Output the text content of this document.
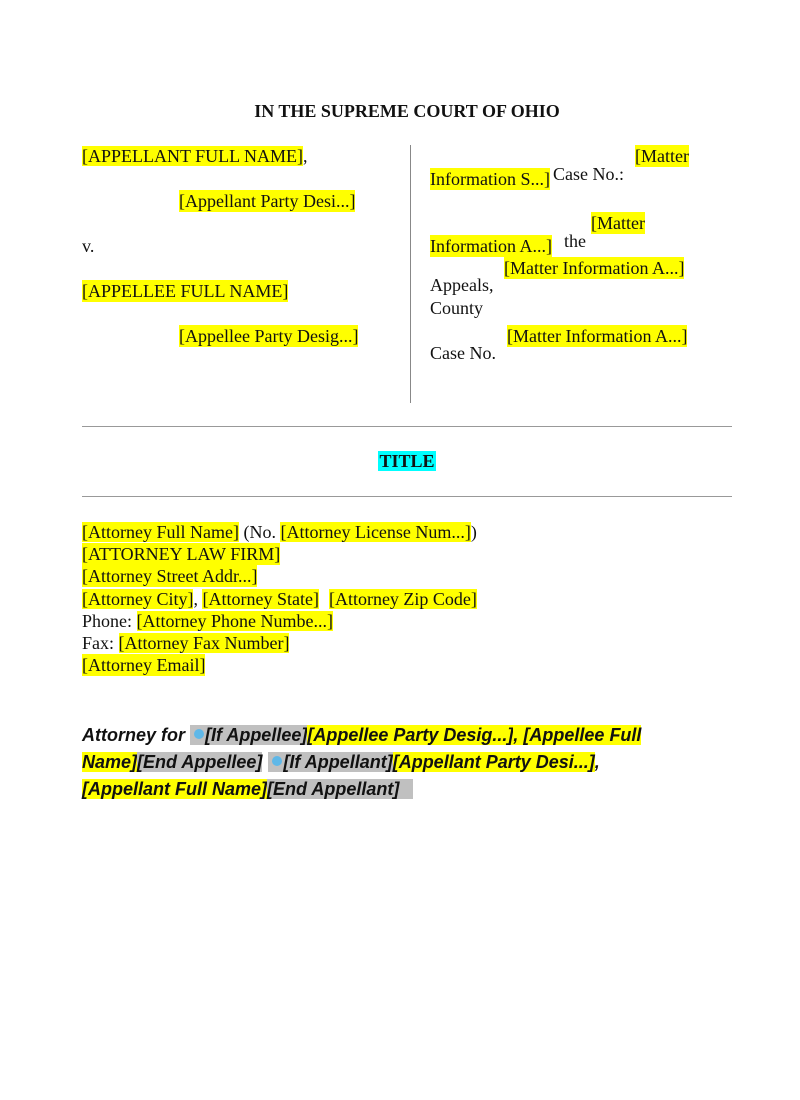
IN THE SUPREME COURT OF OHIO
[APPELLANT FULL NAME],
[Appellant Party Desi...]
v.
[APPELLEE FULL NAME]
[Appellee Party Desig...]
[Matter
Case No.:
Information S...]
[Matter
Information A...] the
[Matter Information A...]
Appeals,
County
[Matter Information A...]
Case No.
TITLE
[Attorney Full Name] (No. [Attorney License Num...])
[ATTORNEY LAW FIRM]
[Attorney Street Addr...]
[Attorney City], [Attorney State] [Attorney Zip Code]
Phone: [Attorney Phone Numbe...]
Fax: [Attorney Fax Number]
[Attorney Email]
Attorney for [If Appellee][Appellee Party Desig...], [Appellee Full
Name][End Appellee] [If Appellant][Appellant Party Desi...],
[Appellant Full Name][End Appellant]
